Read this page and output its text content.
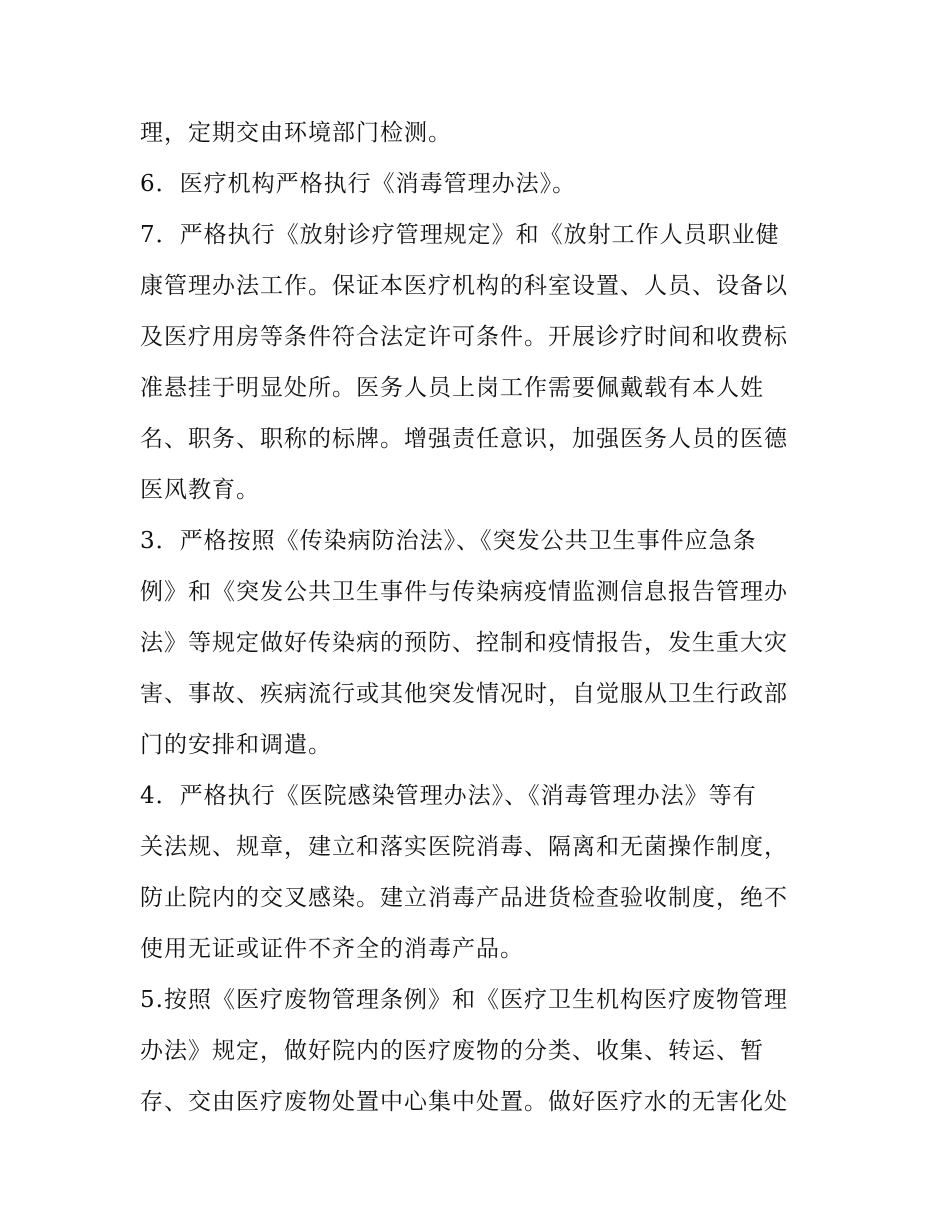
理，定期交由环境部门检测。
6．医疗机构严格执行《消毒管理办法》。
7．严格执行《放射诊疗管理规定》和《放射工作人员职业健
康管理办法工作。保证本医疗机构的科室设置、人员、设备以
及医疗用房等条件符合法定许可条件。开展诊疗时间和收费标
准悬挂于明显处所。医务人员上岗工作需要佩戴载有本人姓
名、职务、职称的标牌。增强责任意识，加强医务人员的医德
医风教育。
3．严格按照《传染病防治法》、《突发公共卫生事件应急条
例》和《突发公共卫生事件与传染病疫情监测信息报告管理办
法》等规定做好传染病的预防、控制和疫情报告，发生重大灾
害、事故、疾病流行或其他突发情况时，自觉服从卫生行政部
门的安排和调遣。
4．严格执行《医院感染管理办法》、《消毒管理办法》等有
关法规、规章，建立和落实医院消毒、隔离和无菌操作制度，
防止院内的交叉感染。建立消毒产品进货检查验收制度，绝不
使用无证或证件不齐全的消毒产品。
5.按照《医疗废物管理条例》和《医疗卫生机构医疗废物管理
办法》规定，做好院内的医疗废物的分类、收集、转运、暂
存、交由医疗废物处置中心集中处置。做好医疗水的无害化处
